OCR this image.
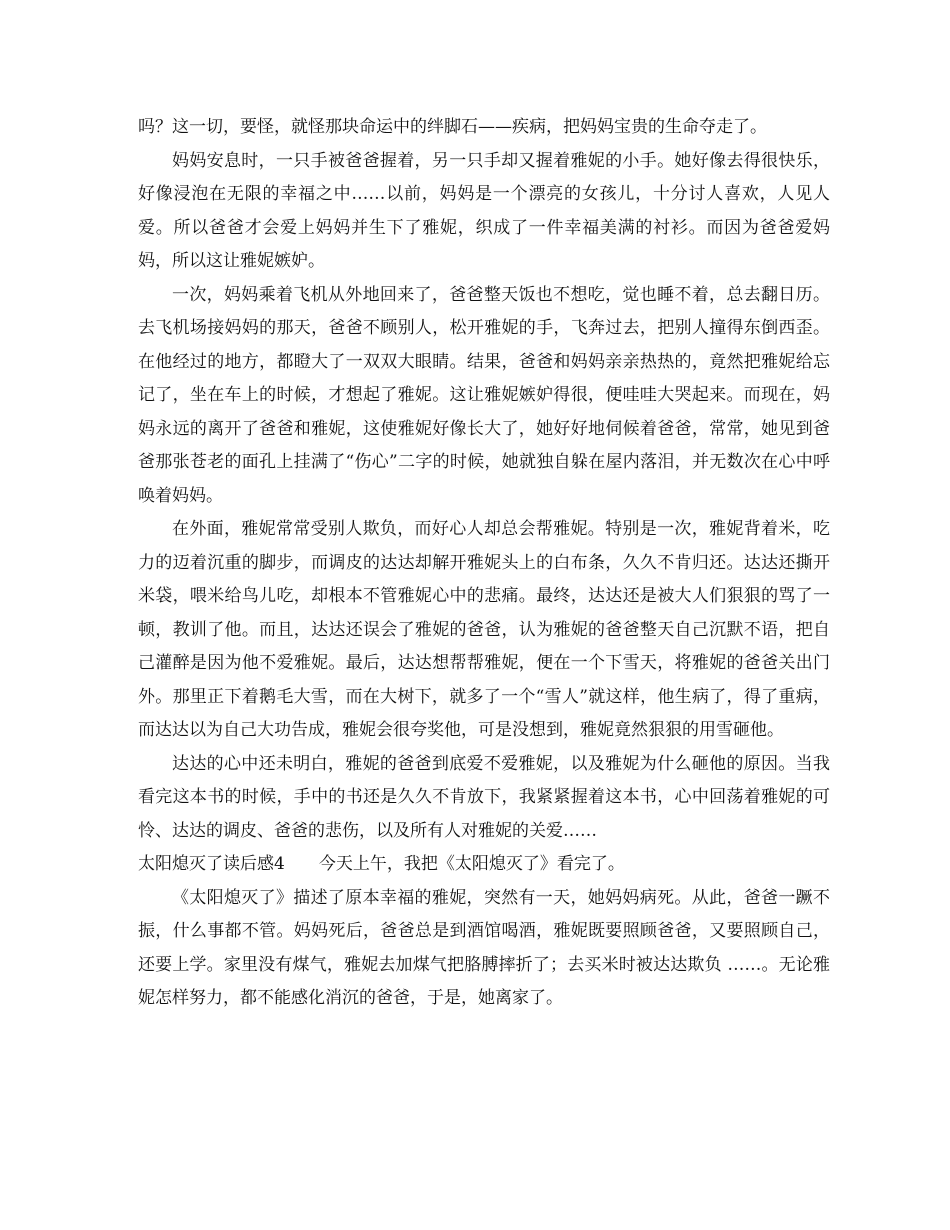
吗？这一切，要怪，就怪那块命运中的绊脚石——疾病，把妈妈宝贵的生命夺走了。

妈妈安息时，一只手被爸爸握着，另一只手却又握着雅妮的小手。她好像去得很快乐，好像浸泡在无限的幸福之中……以前，妈妈是一个漂亮的女孩儿，十分讨人喜欢，人见人爱。所以爸爸才会爱上妈妈并生下了雅妮，织成了一件幸福美满的衬衫。而因为爸爸爱妈妈，所以这让雅妮嫉妒。

一次，妈妈乘着飞机从外地回来了，爸爸整天饭也不想吃，觉也睡不着，总去翻日历。去飞机场接妈妈的那天，爸爸不顾别人，松开雅妮的手，飞奔过去，把别人撞得东倒西歪。在他经过的地方，都瞪大了一双双大眼睛。结果，爸爸和妈妈亲亲热热的，竟然把雅妮给忘记了，坐在车上的时候，才想起了雅妮。这让雅妮嫉妒得很，便哇哇大哭起来。而现在，妈妈永远的离开了爸爸和雅妮，这使雅妮好像长大了，她好好地伺候着爸爸，常常，她见到爸爸那张苍老的面孔上挂满了“伤心”二字的时候，她就独自躲在屋内落泪，并无数次在心中呼唤着妈妈。

在外面，雅妮常常受别人欺负，而好心人却总会帮雅妮。特别是一次，雅妮背着米，吃力的迈着沉重的脚步，而调皮的达达却解开雅妮头上的白布条，久久不肯归还。达达还撕开米袋，喂米给鸟儿吃，却根本不管雅妮心中的悲痛。最终，达达还是被大人们狠狠的骂了一顿，教训了他。而且，达达还误会了雅妮的爸爸，认为雅妮的爸爸整天自己沉默不语，把自己灌醉是因为他不爱雅妮。最后，达达想帮帮雅妮，便在一个下雪天，将雅妮的爸爸关出门外。那里正下着鹅毛大雪，而在大树下，就多了一个“雪人”就这样，他生病了，得了重病，而达达以为自己大功告成，雅妮会很夸奖他，可是没想到，雅妮竟然狠狠的用雪砸他。

达达的心中还未明白，雅妮的爸爸到底爱不爱雅妮，以及雅妮为什么砸他的原因。当我看完这本书的时候，手中的书还是久久不肯放下，我紧紧握着这本书，心中回荡着雅妮的可怜、达达的调皮、爸爸的悲伤，以及所有人对雅妮的关爱……

太阳熄灭了读后感4 今天上午，我把《太阳熄灭了》看完了。

《太阳熄灭了》描述了原本幸福的雅妮，突然有一天，她妈妈病死。从此，爸爸一蹶不振，什么事都不管。妈妈死后，爸爸总是到酒馆喝酒，雅妮既要照顾爸爸，又要照顾自己，还要上学。家里没有煤气，雅妮去加煤气把胳膊摔折了；去买米时被达达欺负 ……。无论雅妮怎样努力，都不能感化消沉的爸爸，于是，她离家了。
